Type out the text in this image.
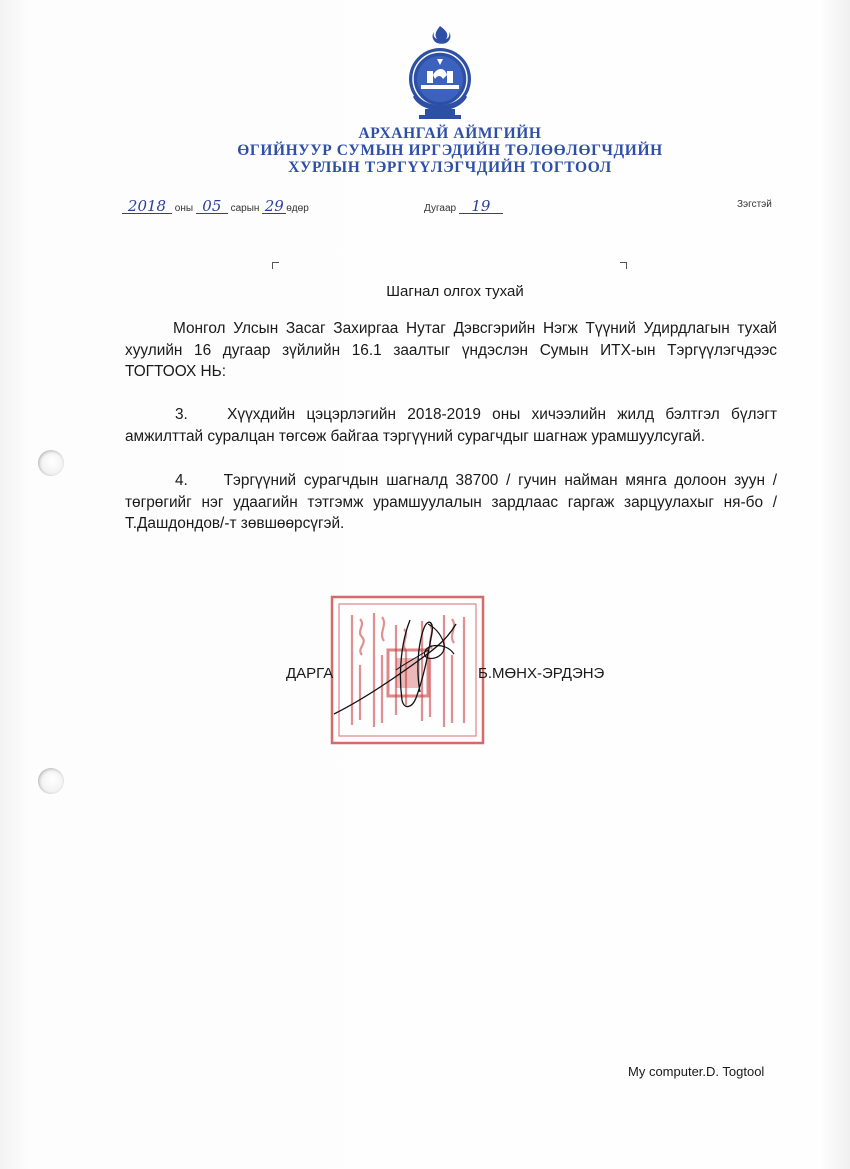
АРХАНГАЙ АЙМГИЙН
ӨГИЙНУУР СУМЫН ИРГЭДИЙН ТӨЛӨӨЛӨГЧДИЙН
ХУРЛЫН ТЭРГҮҮЛЭГЧДИЙН ТОГТООЛ
2018 оны 05 сарын 29 өдөр	Дугаар 19	Зэгстэй
Шагнал олгох тухай
Монгол Улсын Засаг Захиргаа Нутаг Дэвсгэрийн Нэгж Түүний Удирдлагын тухай хуулийн 16 дугаар зүйлийн 16.1 заалтыг үндэслэн Сумын ИТХ-ын Тэргүүлэгчдээс ТОГТООХ НЬ:
3.	Хүүхдийн цэцэрлэгийн 2018-2019 оны хичээлийн жилд бэлтгэл бүлэгт амжилттай суралцан төгсөж байгаа тэргүүний сурагчдыг шагнаж урамшуулсугай.
4. Тэргүүний сурагчдын шагналд 38700 / гучин найман мянга долоон зуун / төгрөгийг нэг удаагийн тэтгэмж урамшуулалын зардлаас гаргаж зарцуулахыг ня-бо /Т.Дашдондов/-т зөвшөөрсүгэй.
ДАРГА	Б.МӨНХ-ЭРДЭНЭ
My computer.D. Togtool
